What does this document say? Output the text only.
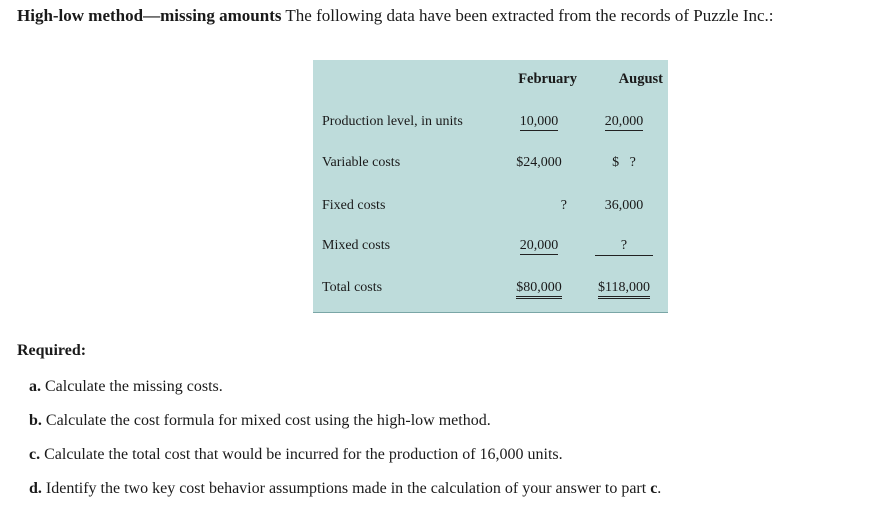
High-low method—missing amounts The following data have been extracted from the records of Puzzle Inc.:
February	August
Production level, in units	10,000	20,000
Variable costs	$24,000	$   ?
Fixed costs	?	36,000
Mixed costs	20,000	?
Total costs	$80,000	$118,000
Required:
a. Calculate the missing costs.
b. Calculate the cost formula for mixed cost using the high-low method.
c. Calculate the total cost that would be incurred for the production of 16,000 units.
d. Identify the two key cost behavior assumptions made in the calculation of your answer to part c.
